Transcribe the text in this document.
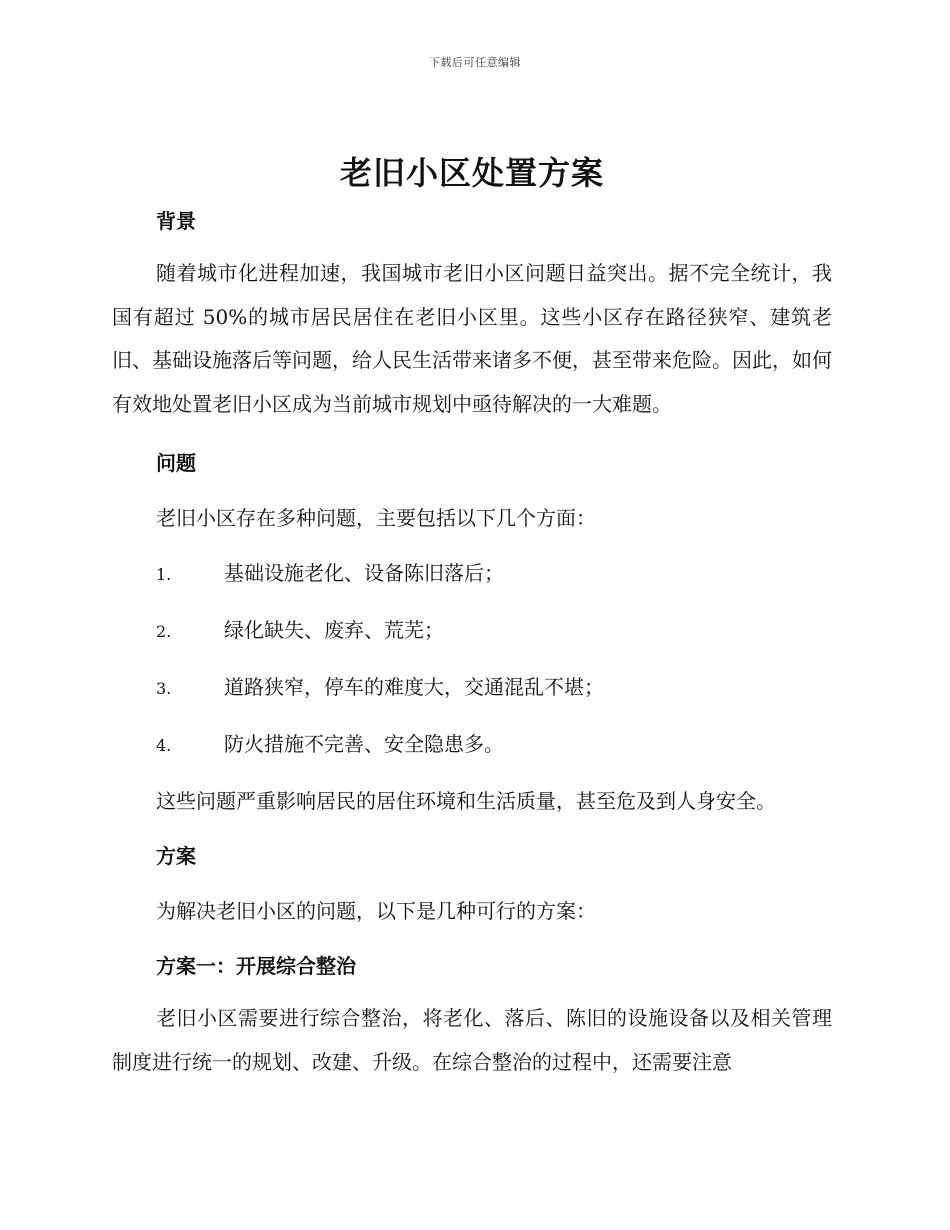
下载后可任意编辑
老旧小区处置方案
背景

随着城市化进程加速，我国城市老旧小区问题日益突出。据不完全统计，我国有超过 50%的城市居民居住在老旧小区里。这些小区存在路径狭窄、建筑老旧、基础设施落后等问题，给人民生活带来诸多不便，甚至带来危险。因此，如何有效地处置老旧小区成为当前城市规划中亟待解决的一大难题。

问题

老旧小区存在多种问题，主要包括以下几个方面：

1.	基础设施老化、设备陈旧落后；
2.	绿化缺失、废弃、荒芜；
3.	道路狭窄，停车的难度大，交通混乱不堪；
4.	防火措施不完善、安全隐患多。

这些问题严重影响居民的居住环境和生活质量，甚至危及到人身安全。

方案

为解决老旧小区的问题，以下是几种可行的方案：

方案一：开展综合整治

老旧小区需要进行综合整治，将老化、落后、陈旧的设施设备以及相关管理制度进行统一的规划、改建、升级。在综合整治的过程中，还需要注意
